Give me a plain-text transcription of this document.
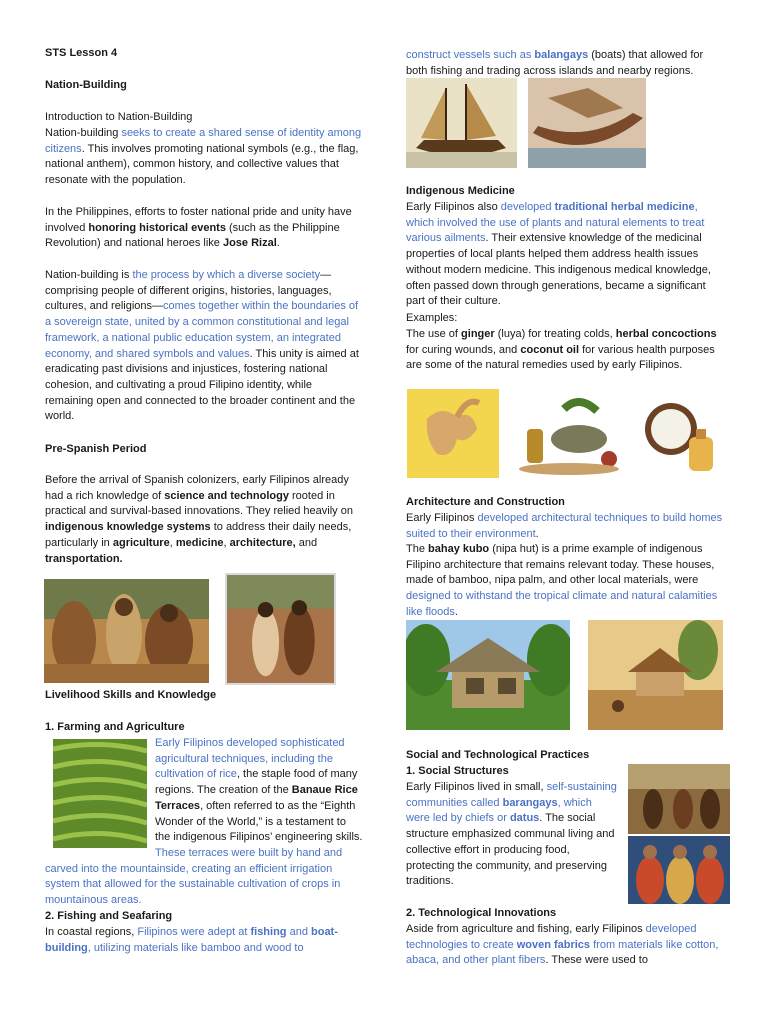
STS Lesson 4

Nation-Building

Introduction to Nation-Building

Nation-building seeks to create a shared sense of identity among citizens. This involves promoting national symbols (e.g., the flag, national anthem), common history, and collective values that resonate with the population.

In the Philippines, efforts to foster national pride and unity have involved honoring historical events (such as the Philippine Revolution) and national heroes like Jose Rizal.

Nation-building is the process by which a diverse society—comprising people of different origins, histories, languages, cultures, and religions—comes together within the boundaries of a sovereign state, united by a common constitutional and legal framework, a national public education system, an integrated economy, and shared symbols and values. This unity is aimed at eradicating past divisions and injustices, fostering national cohesion, and cultivating a proud Filipino identity, while remaining open and connected to the broader continent and the world.

Pre-Spanish Period

Before the arrival of Spanish colonizers, early Filipinos already had a rich knowledge of science and technology rooted in practical and survival-based innovations. They relied heavily on indigenous knowledge systems to address their daily needs, particularly in agriculture, medicine, architecture, and transportation.

Livelihood Skills and Knowledge

1. Farming and Agriculture

Early Filipinos developed sophisticated agricultural techniques, including the cultivation of rice, the staple food of many regions. The creation of the Banaue Rice Terraces, often referred to as the “Eighth Wonder of the World,” is a testament to the indigenous Filipinos’ engineering skills. These terraces were built by hand and carved into the mountainside, creating an efficient irrigation system that allowed for the sustainable cultivation of crops in mountainous areas.

2. Fishing and Seafaring

In coastal regions, Filipinos were adept at fishing and boat-building, utilizing materials like bamboo and wood to

construct vessels such as balangays (boats) that allowed for both fishing and trading across islands and nearby regions.

Indigenous Medicine

Early Filipinos also developed traditional herbal medicine, which involved the use of plants and natural elements to treat various ailments. Their extensive knowledge of the medicinal properties of local plants helped them address health issues without modern medicine. This indigenous medical knowledge, often passed down through generations, became a significant part of their culture.

Examples:

The use of ginger (luya) for treating colds, herbal concoctions for curing wounds, and coconut oil for various health purposes are some of the natural remedies used by early Filipinos.

Architecture and Construction

Early Filipinos developed architectural techniques to build homes suited to their environment.

The bahay kubo (nipa hut) is a prime example of indigenous Filipino architecture that remains relevant today. These houses, made of bamboo, nipa palm, and other local materials, were designed to withstand the tropical climate and natural calamities like floods.

Social and Technological Practices

1. Social Structures

Early Filipinos lived in small, self-sustaining communities called barangays, which were led by chiefs or datus. The social structure emphasized communal living and collective effort in producing food, protecting the community, and preserving traditions.

2. Technological Innovations

Aside from agriculture and fishing, early Filipinos developed technologies to create woven fabrics from materials like cotton, abaca, and other plant fibers. These were used to
